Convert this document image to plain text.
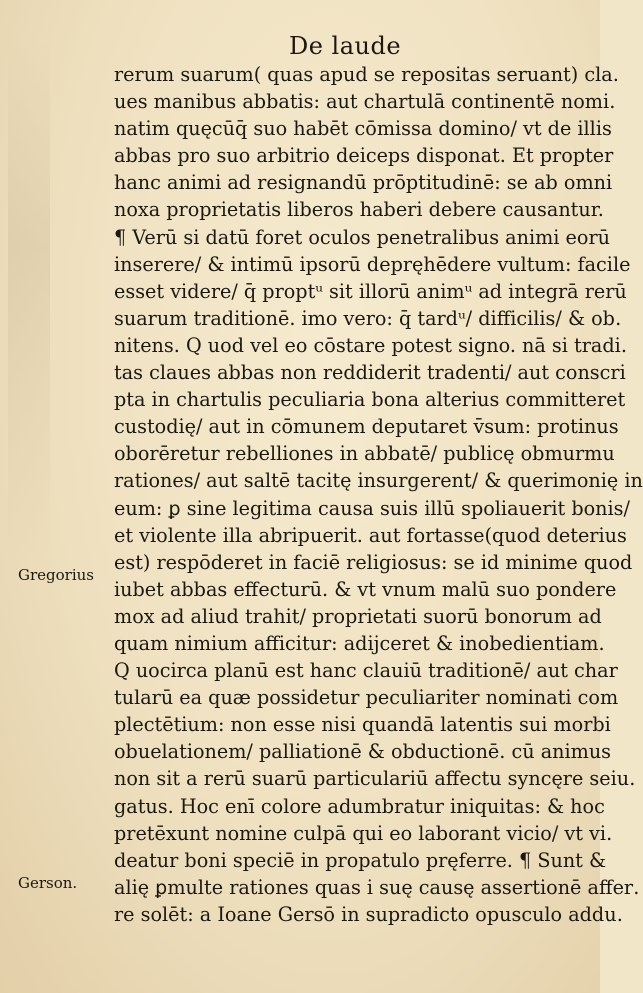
De laude
rerum suarum( quas apud se repositas seruant) cla․
ues manibus abbatis: aut chartulā continentē nomi․
natim quęcūq̄ suo habēt cōmissa domino/ vt de illis
abbas pro suo arbitrio deiceps disponat. Et propter
hanc animi ad resignandū prōptitudinē: se ab omni
noxa proprietatis liberos haberi debere causantur.
¶ Verū si datū foret oculos penetralibus animi eorū
inserere/ & intimū ipsorū depręhēdere vultum: facile
esset videre/ q̄ proptᵘ sit illorū animᵘ ad integrā rerū
suarum traditionē. imo vero: q̄ tardᵘ/ difficilis/ & ob․
nitens. Q uod vel eo cōstare potest signo. nā si tradi․
tas claues abbas non reddiderit tradenti/ aut conscri
pta in chartulis peculiaria bona alterius committeret
custodię/ aut in cōmunem deputaret v̄sum: protinus
oborēretur rebelliones in abbatē/ publicę obmurmu
rationes/ aut saltē tacitę insurgerent/ & querimonię in
eum: ꝑ sine legitima causa suis illū spoliauerit bonis/
et violente illa abripuerit. aut fortasse(quod deterius
est) respōderet in faciē religiosus: se id minime quod
iubet abbas effecturū. & vt vnum malū suo pondere
mox ad aliud trahit/ proprietati suorū bonorum ad
quam nimium afficitur: adijceret & inobedientiam.
Q uocirca planū est hanc clauiū traditionē/ aut char
tularū ea quæ possidetur peculiariter nominati com
plectētium: non esse nisi quandā latentis sui morbi
obuelationem/ palliationē & obductionē. cū animus
non sit a rerū suarū particulariū affectu syncęre seiu․
gatus. Hoc enī colore adumbratur iniquitas: & hoc
pretēxunt nomine culpā qui eo laborant vicio/ vt vi․
deatur boni speciē in propatulo pręferre. ¶ Sunt &
alię ꝑmulte rationes quas i suę causę assertionē affer․
re solēt: a Ioane Gersō in supradicto opusculo addu․
Gregorius
Gerson.
